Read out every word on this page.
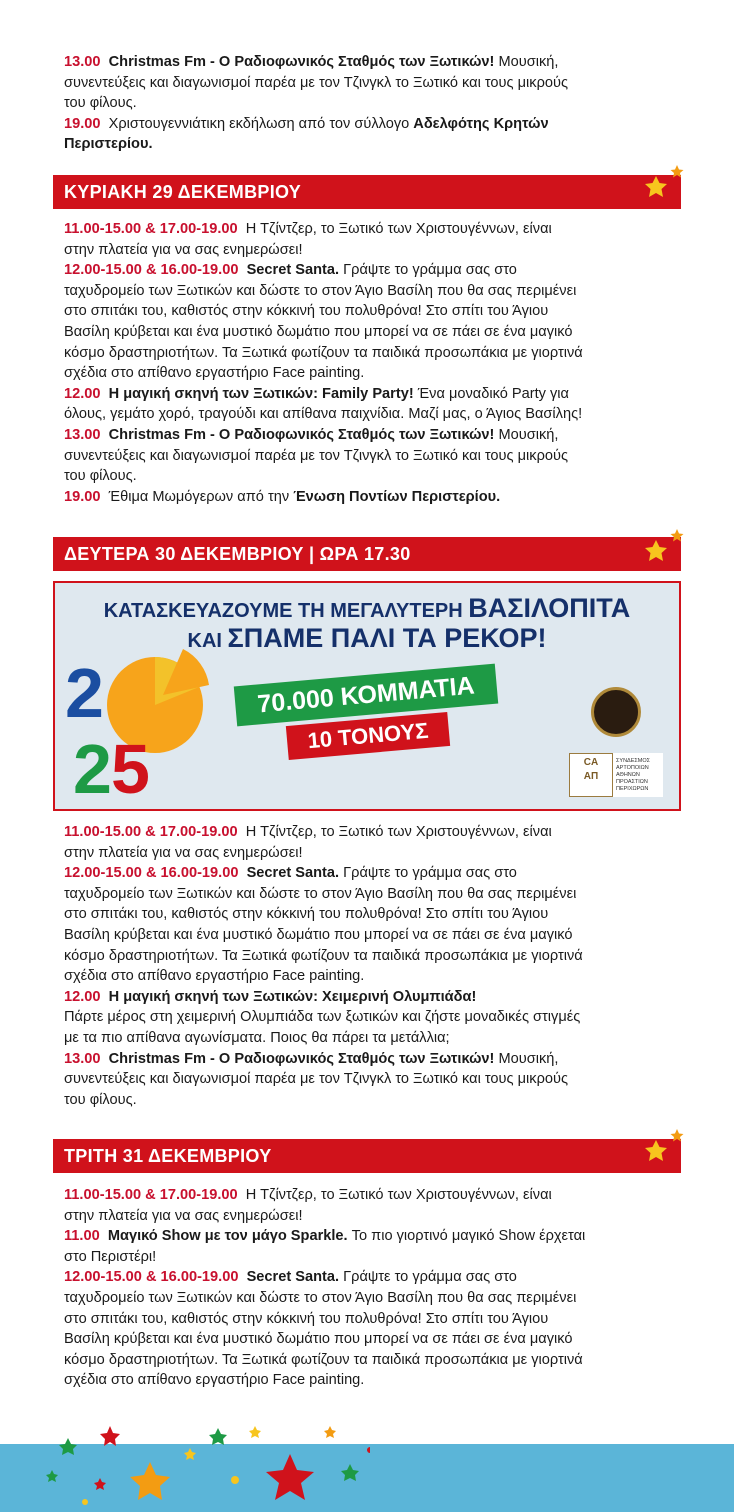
13.00 Christmas Fm - Ο Ραδιοφωνικός Σταθμός των Ξωτικών! Μουσική,

συνεντεύξεις και διαγωνισμοί παρέα με τον Τζινγκλ το Ξωτικό και τους μικρούς

του φίλους.

19.00 Χριστουγεννιάτικη εκδήλωση από τον σύλλογο Αδελφότης Κρητών

Περιστερίου.

ΚΥΡΙΑΚΗ 29 ΔΕΚΕΜΒΡΙΟΥ

11.00-15.00 & 17.00-19.00 Η Τζίντζερ, το Ξωτικό των Χριστουγέννων, είναι

στην πλατεία για να σας ενημερώσει!

12.00-15.00 & 16.00-19.00 Secret Santa. Γράψτε το γράμμα σας στο

ταχυδρομείο των Ξωτικών και δώστε το στον Άγιο Βασίλη που θα σας περιμένει

στο σπιτάκι του, καθιστός στην κόκκινή του πολυθρόνα! Στο σπίτι του Άγιου

Βασίλη κρύβεται και ένα μυστικό δωμάτιο που μπορεί να σε πάει σε ένα μαγικό

κόσμο δραστηριοτήτων. Τα Ξωτικά φωτίζουν τα παιδικά προσωπάκια με γιορτινά

σχέδια στο απίθανο εργαστήριο Face painting.

12.00 Η μαγική σκηνή των Ξωτικών: Family Party! Ένα μοναδικό Party για

όλους, γεμάτο χορό, τραγούδι και απίθανα παιχνίδια. Μαζί μας, ο Άγιος Βασίλης!

13.00 Christmas Fm - Ο Ραδιοφωνικός Σταθμός των Ξωτικών! Μουσική,

συνεντεύξεις και διαγωνισμοί παρέα με τον Τζινγκλ το Ξωτικό και τους μικρούς

του φίλους.

19.00 Έθιμα Μωμόγερων από την Ένωση Ποντίων Περιστερίου.

ΔΕΥΤΕΡΑ 30 ΔΕΚΕΜΒΡΙΟΥ | ΩΡΑ 17.30
ΚΑΤΑΣΚΕΥΑΖΟΥΜΕ ΤΗ ΜΕΓΑΛΥΤΕΡΗ ΒΑΣΙΛΟΠΙΤΑ
ΚΑΙ ΣΠΑΜΕ ΠΑΛΙ ΤΑ ΡΕΚΟΡ!
2
2 5
70.000 ΚΟΜΜΑΤΙΑ
10 ΤΟΝΟΥΣ
CA
ΑΠ
ΣΥΝΔΕΣΜΟΣ ΑΡΤΟΠΟΙΩΝ ΑΘΗΝΩΝ ΠΡΟΑΣΤΙΩΝ ΠΕΡΙΧΩΡΩΝ

11.00-15.00 & 17.00-19.00 Η Τζίντζερ, το Ξωτικό των Χριστουγέννων, είναι

στην πλατεία για να σας ενημερώσει!

12.00-15.00 & 16.00-19.00 Secret Santa. Γράψτε το γράμμα σας στο

ταχυδρομείο των Ξωτικών και δώστε το στον Άγιο Βασίλη που θα σας περιμένει

στο σπιτάκι του, καθιστός στην κόκκινή του πολυθρόνα! Στο σπίτι του Άγιου

Βασίλη κρύβεται και ένα μυστικό δωμάτιο που μπορεί να σε πάει σε ένα μαγικό

κόσμο δραστηριοτήτων. Τα Ξωτικά φωτίζουν τα παιδικά προσωπάκια με γιορτινά

σχέδια στο απίθανο εργαστήριο Face painting.

12.00 Η μαγική σκηνή των Ξωτικών: Χειμερινή Ολυμπιάδα!

Πάρτε μέρος στη χειμερινή Ολυμπιάδα των ξωτικών και ζήστε μοναδικές στιγμές

με τα πιο απίθανα αγωνίσματα. Ποιος θα πάρει τα μετάλλια;

13.00 Christmas Fm - Ο Ραδιοφωνικός Σταθμός των Ξωτικών! Μουσική,

συνεντεύξεις και διαγωνισμοί παρέα με τον Τζινγκλ το Ξωτικό και τους μικρούς

του φίλους.

ΤΡΙΤΗ 31 ΔΕΚΕΜΒΡΙΟΥ

11.00-15.00 & 17.00-19.00 Η Τζίντζερ, το Ξωτικό των Χριστουγέννων, είναι

στην πλατεία για να σας ενημερώσει!

11.00 Μαγικό Show με τον μάγο Sparkle. Το πιο γιορτινό μαγικό Show έρχεται

στο Περιστέρι!

12.00-15.00 & 16.00-19.00 Secret Santa. Γράψτε το γράμμα σας στο

ταχυδρομείο των Ξωτικών και δώστε το στον Άγιο Βασίλη που θα σας περιμένει

στο σπιτάκι του, καθιστός στην κόκκινή του πολυθρόνα! Στο σπίτι του Άγιου

Βασίλη κρύβεται και ένα μυστικό δωμάτιο που μπορεί να σε πάει σε ένα μαγικό

κόσμο δραστηριοτήτων. Τα Ξωτικά φωτίζουν τα παιδικά προσωπάκια με γιορτινά

σχέδια στο απίθανο εργαστήριο Face painting.
